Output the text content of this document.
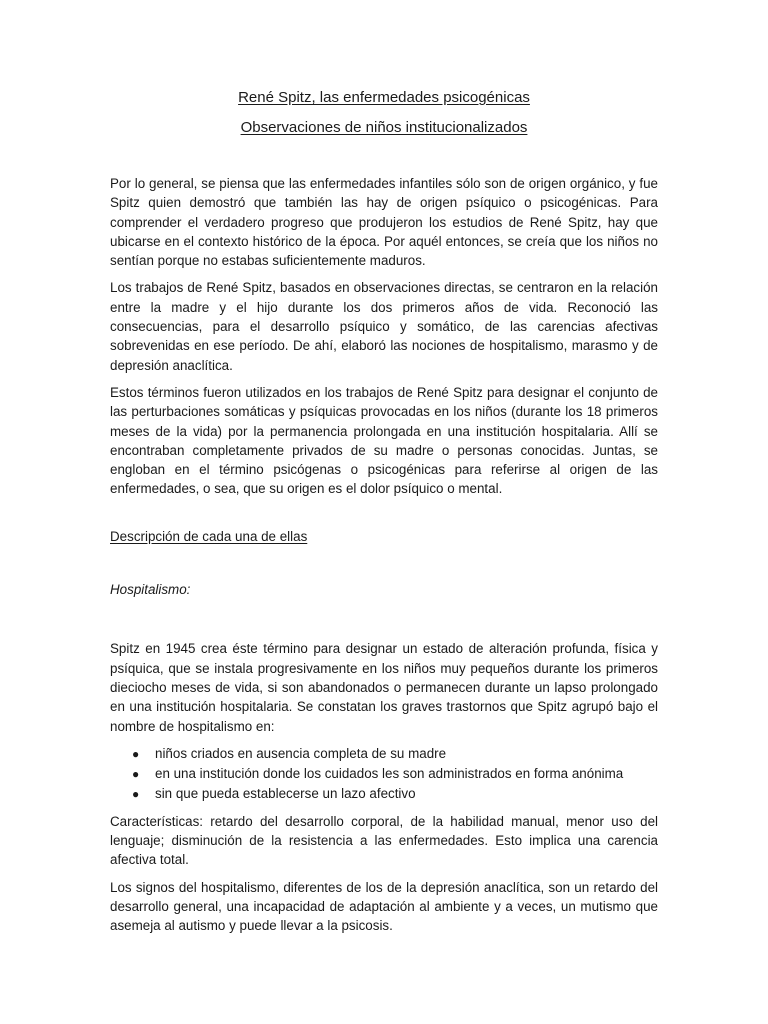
René Spitz, las enfermedades psicogénicas
Observaciones de niños institucionalizados

Por lo general, se piensa que las enfermedades infantiles sólo son de origen orgánico, y fue Spitz quien demostró que también las hay de origen psíquico o psicogénicas. Para comprender el verdadero progreso que produjeron los estudios de René Spitz, hay que ubicarse en el contexto histórico de la época. Por aquél entonces, se creía que los niños no sentían porque no estabas suficientemente maduros.

Los trabajos de René Spitz, basados en observaciones directas, se centraron en la relación entre la madre y el hijo durante los dos primeros años de vida. Reconoció las consecuencias, para el desarrollo psíquico y somático, de las carencias afectivas sobrevenidas en ese período. De ahí, elaboró las nociones de hospitalismo, marasmo y de depresión anaclítica.

Estos términos fueron utilizados en los trabajos de René Spitz para designar el conjunto de las perturbaciones somáticas y psíquicas provocadas en los niños (durante los 18 primeros meses de la vida) por la permanencia prolongada en una institución hospitalaria. Allí se encontraban completamente privados de su madre o personas conocidas. Juntas, se engloban en el término psicógenas o psicogénicas para referirse al origen de las enfermedades, o sea, que su origen es el dolor psíquico o mental.

Descripción de cada una de ellas

Hospitalismo:

Spitz en 1945 crea éste término para designar un estado de alteración profunda, física y psíquica, que se instala progresivamente en los niños muy pequeños durante los primeros dieciocho meses de vida, si son abandonados o permanecen durante un lapso prolongado en una institución hospitalaria. Se constatan los graves trastornos que Spitz agrupó bajo el nombre de hospitalismo en:

● niños criados en ausencia completa de su madre
● en una institución donde los cuidados les son administrados en forma anónima
● sin que pueda establecerse un lazo afectivo

Características: retardo del desarrollo corporal, de la habilidad manual, menor uso del lenguaje; disminución de la resistencia a las enfermedades. Esto implica una carencia afectiva total.

Los signos del hospitalismo, diferentes de los de la depresión anaclítica, son un retardo del desarrollo general, una incapacidad de adaptación al ambiente y a veces, un mutismo que asemeja al autismo y puede llevar a la psicosis.
